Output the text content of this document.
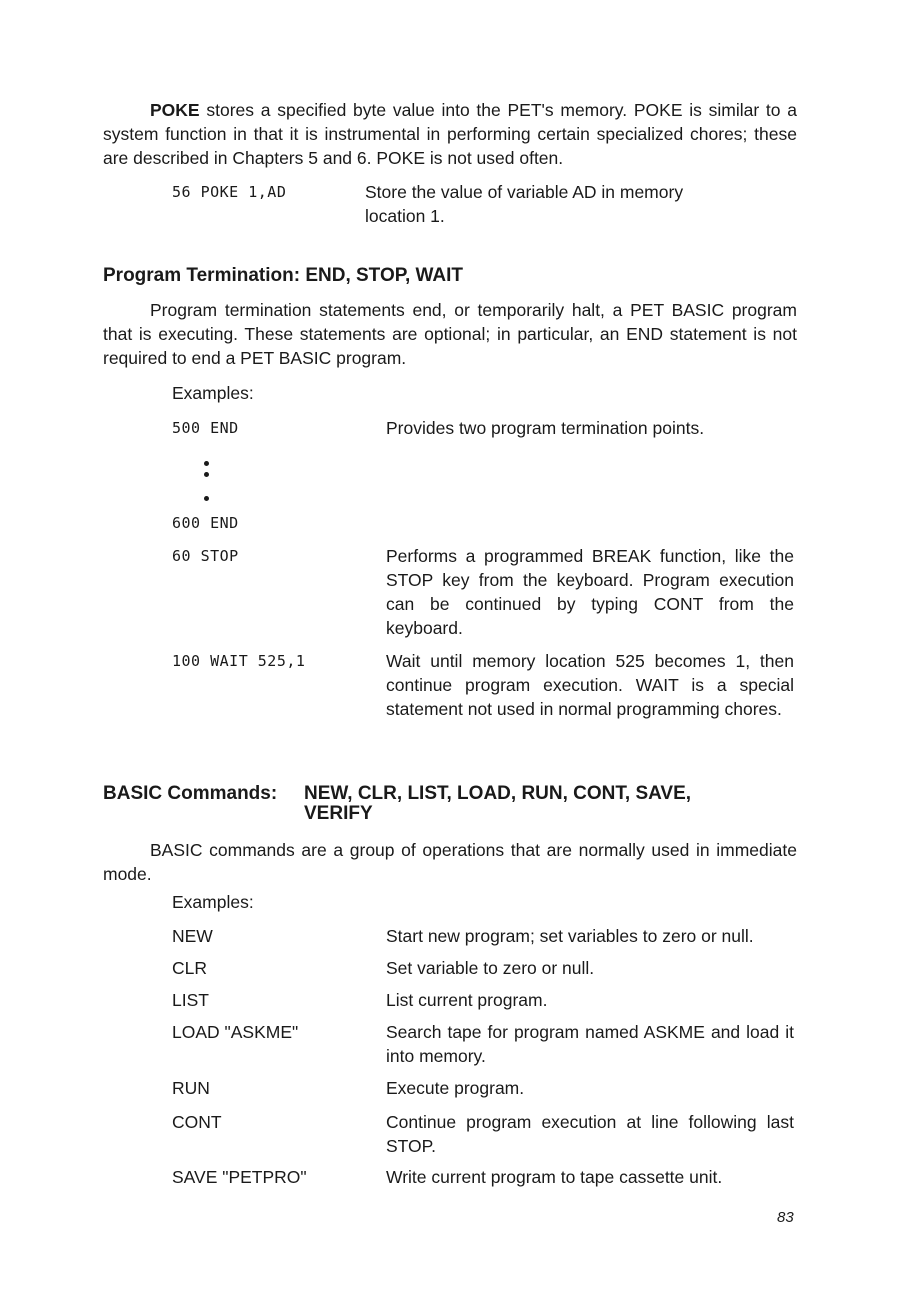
POKE stores a specified byte value into the PET's memory. POKE is similar to a system function in that it is instrumental in performing certain specialized chores; these are described in Chapters 5 and 6. POKE is not used often.

56 POKE 1,AD	Store the value of variable AD in memory location 1.
Program Termination: END, STOP, WAIT

Program termination statements end, or temporarily halt, a PET BASIC program that is executing. These statements are optional; in particular, an END statement is not required to end a PET BASIC program.

Examples:
500 END	Provides two program termination points.
600 END
60 STOP	Performs a programmed BREAK function, like the STOP key from the keyboard. Program execution can be continued by typing CONT from the keyboard.
100 WAIT 525,1	Wait until memory location 525 becomes 1, then continue program execution. WAIT is a special statement not used in normal programming chores.
BASIC Commands: NEW, CLR, LIST, LOAD, RUN, CONT, SAVE,
VERIFY

BASIC commands are a group of operations that are normally used in immediate mode.

Examples:
NEW	Start new program; set variables to zero or null.
CLR	Set variable to zero or null.
LIST	List current program.
LOAD "ASKME"	Search tape for program named ASKME and load it into memory.
RUN	Execute program.
CONT	Continue program execution at line following last STOP.
SAVE "PETPRO"	Write current program to tape cassette unit.
83
